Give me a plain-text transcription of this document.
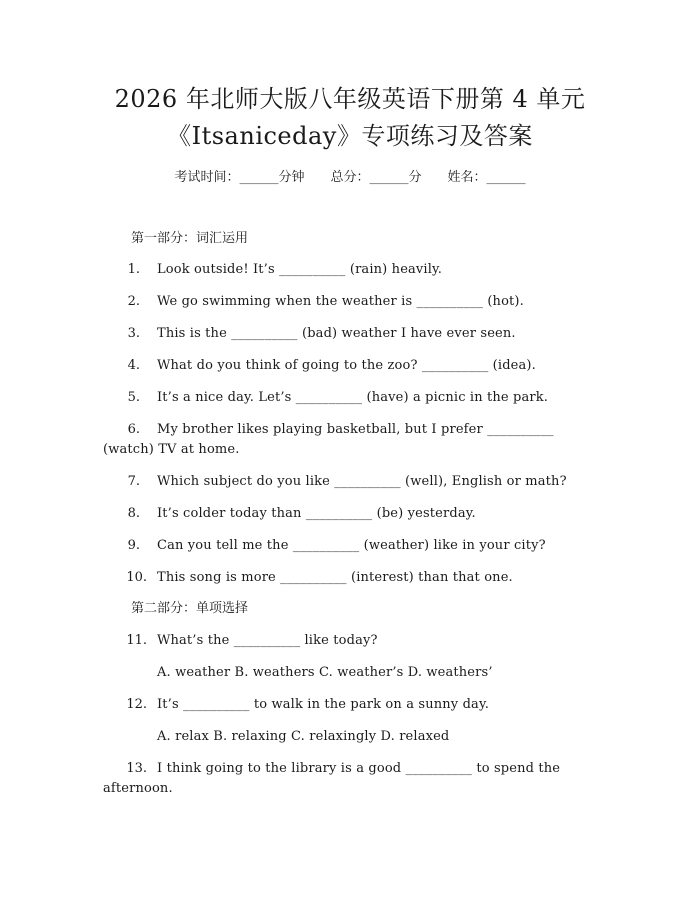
2026 年北师大版八年级英语下册第 4 单元
《Itsaniceday》专项练习及答案
考试时间：______分钟 总分：______分 姓名：______
第一部分：词汇运用
1. Look outside! It’s __________ (rain) heavily.
2. We go swimming when the weather is __________ (hot).
3. This is the __________ (bad) weather I have ever seen.
4. What do you think of going to the zoo? __________ (idea).
5. It’s a nice day. Let’s __________ (have) a picnic in the park.
6. My brother likes playing basketball, but I prefer __________
(watch) TV at home.
7. Which subject do you like __________ (well), English or math?
8. It’s colder today than __________ (be) yesterday.
9. Can you tell me the __________ (weather) like in your city?
10. This song is more __________ (interest) than that one.
第二部分：单项选择
11. What’s the __________ like today?
A. weather B. weathers C. weather’s D. weathers’
12. It’s __________ to walk in the park on a sunny day.
A. relax B. relaxing C. relaxingly D. relaxed
13. I think going to the library is a good __________ to spend the
afternoon.
